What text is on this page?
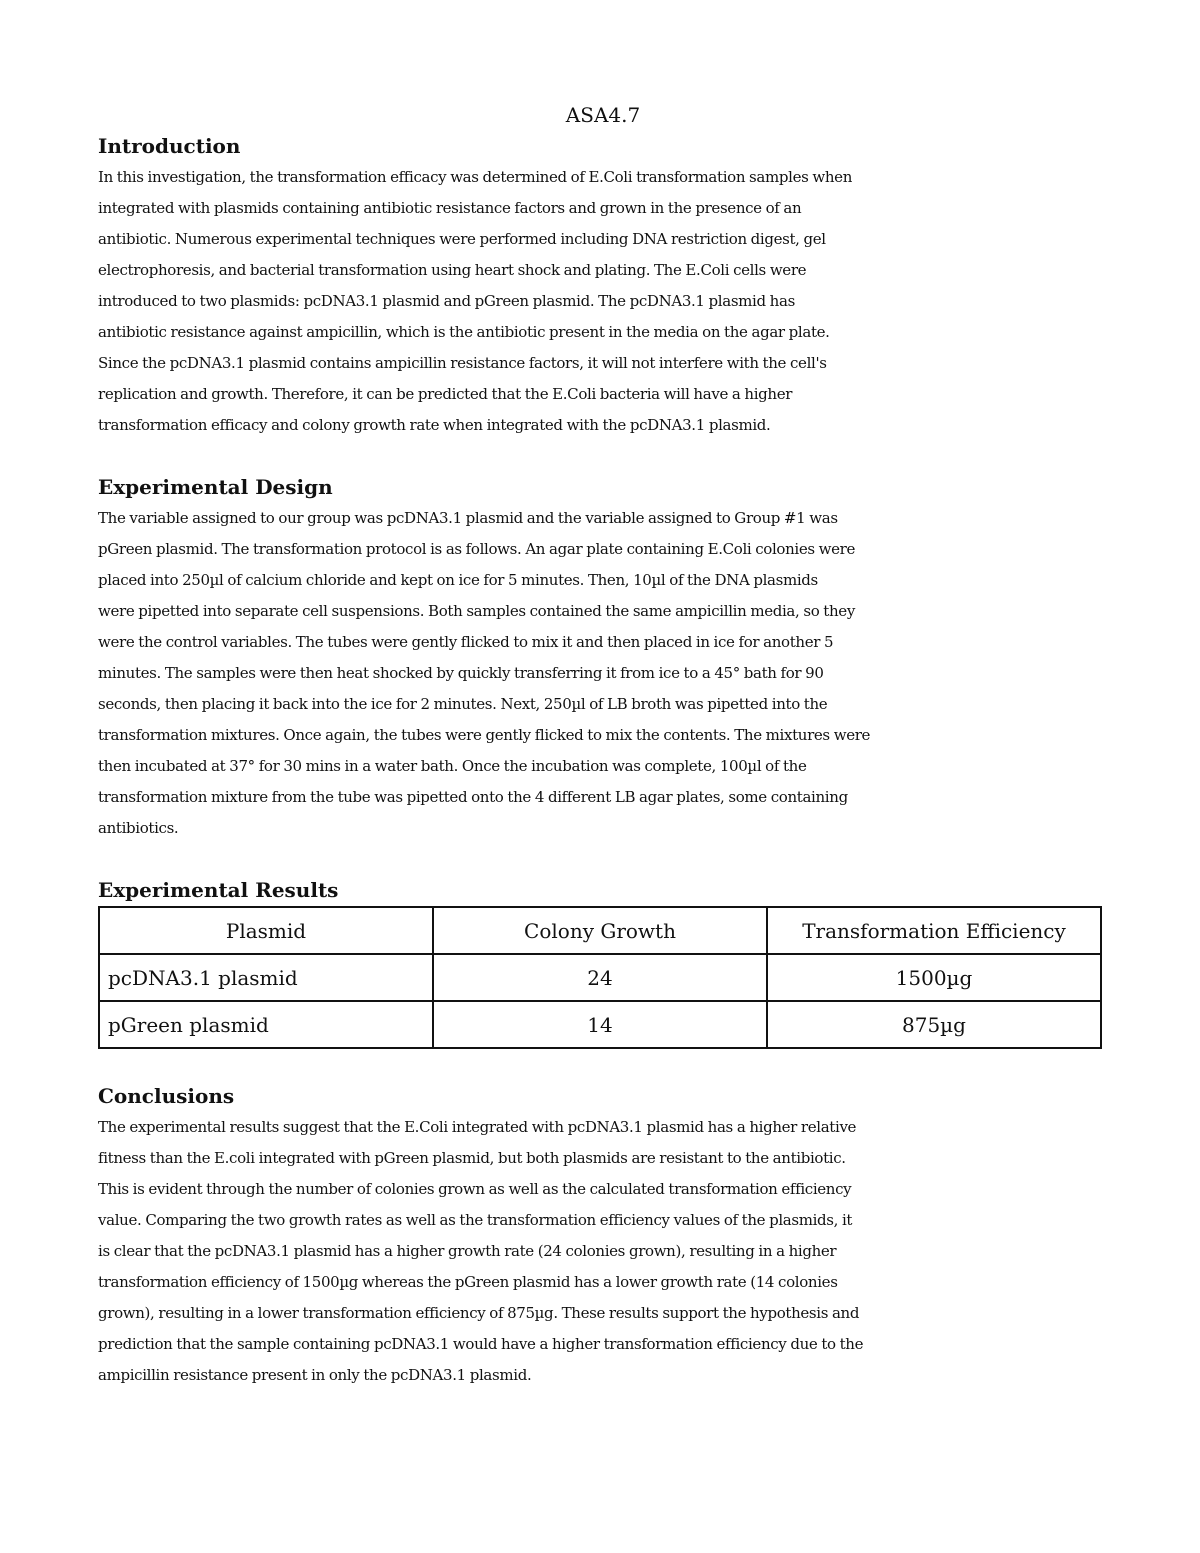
ASA4.7

Introduction

In this investigation, the transformation efficacy was determined of E.Coli transformation samples when

integrated with plasmids containing antibiotic resistance factors and grown in the presence of an

antibiotic. Numerous experimental techniques were performed including DNA restriction digest, gel

electrophoresis, and bacterial transformation using heart shock and plating. The E.Coli cells were

introduced to two plasmids: pcDNA3.1 plasmid and pGreen plasmid. The pcDNA3.1 plasmid has

antibiotic resistance against ampicillin, which is the antibiotic present in the media on the agar plate.

Since the pcDNA3.1 plasmid contains ampicillin resistance factors, it will not interfere with the cell's

replication and growth. Therefore, it can be predicted that the E.Coli bacteria will have a higher

transformation efficacy and colony growth rate when integrated with the pcDNA3.1 plasmid.

Experimental Design

The variable assigned to our group was pcDNA3.1 plasmid and the variable assigned to Group #1 was

pGreen plasmid. The transformation protocol is as follows. An agar plate containing E.Coli colonies were

placed into 250µl of calcium chloride and kept on ice for 5 minutes. Then, 10µl of the DNA plasmids

were pipetted into separate cell suspensions. Both samples contained the same ampicillin media, so they

were the control variables. The tubes were gently flicked to mix it and then placed in ice for another 5

minutes. The samples were then heat shocked by quickly transferring it from ice to a 45° bath for 90

seconds, then placing it back into the ice for 2 minutes. Next, 250µl of LB broth was pipetted into the

transformation mixtures. Once again, the tubes were gently flicked to mix the contents. The mixtures were

then incubated at 37° for 30 mins in a water bath. Once the incubation was complete, 100µl of the

transformation mixture from the tube was pipetted onto the 4 different LB agar plates, some containing

antibiotics.

Experimental Results

Plasmid	Colony Growth	Transformation Efficiency
pcDNA3.1 plasmid	24	1500µg
pGreen plasmid	14	875µg

Conclusions

The experimental results suggest that the E.Coli integrated with pcDNA3.1 plasmid has a higher relative

fitness than the E.coli integrated with pGreen plasmid, but both plasmids are resistant to the antibiotic.

This is evident through the number of colonies grown as well as the calculated transformation efficiency

value. Comparing the two growth rates as well as the transformation efficiency values of the plasmids, it

is clear that the pcDNA3.1 plasmid has a higher growth rate (24 colonies grown), resulting in a higher

transformation efficiency of 1500µg whereas the pGreen plasmid has a lower growth rate (14 colonies

grown), resulting in a lower transformation efficiency of 875µg. These results support the hypothesis and

prediction that the sample containing pcDNA3.1 would have a higher transformation efficiency due to the

ampicillin resistance present in only the pcDNA3.1 plasmid.
